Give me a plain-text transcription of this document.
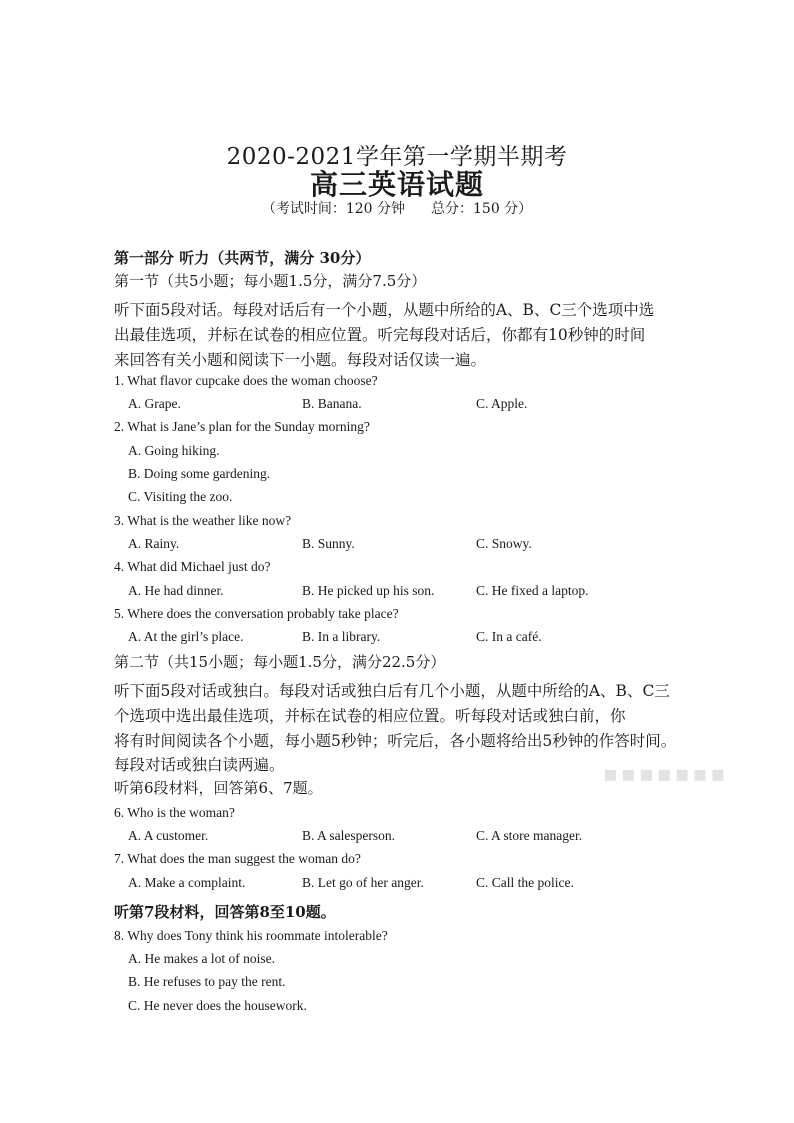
2020-2021学年第一学期半期考
高三英语试题
（考试时间：120 分钟 总分：150 分）
第一部分 听力（共两节，满分 30分）
第一节（共5小题；每小题1.5分，满分7.5分）
听下面5段对话。每段对话后有一个小题，从题中所给的A、B、C三个选项中选
出最佳选项，并标在试卷的相应位置。听完每段对话后，你都有10秒钟的时间
来回答有关小题和阅读下一小题。每段对话仅读一遍。
1. What flavor cupcake does the woman choose?
A. Grape.	B. Banana.	C. Apple.
2. What is Jane’s plan for the Sunday morning?
A. Going hiking.
B. Doing some gardening.
C. Visiting the zoo.
3. What is the weather like now?
A. Rainy.	B. Sunny.	C. Snowy.
4. What did Michael just do?
A. He had dinner.	B. He picked up his son.	C. He fixed a laptop.
5. Where does the conversation probably take place?
A. At the girl’s place.	B. In a library.	C. In a café.
第二节（共15小题；每小题1.5分，满分22.5分）
听下面5段对话或独白。每段对话或独白后有几个小题，从题中所给的A、B、C三
个选项中选出最佳选项，并标在试卷的相应位置。听每段对话或独白前，你
将有时间阅读各个小题，每小题5秒钟；听完后，各小题将给出5秒钟的作答时间。
每段对话或独白读两遍。
听第6段材料，回答第6、7题。
6. Who is the woman?
A. A customer.	B. A salesperson.	C. A store manager.
7. What does the man suggest the woman do?
A. Make a complaint.	B. Let go of her anger.	C. Call the police.
听第7段材料，回答第8至10题。
8. Why does Tony think his roommate intolerable?
A. He makes a lot of noise.
B. He refuses to pay the rent.
C. He never does the housework.
▪▪▪▪▪▪▪
